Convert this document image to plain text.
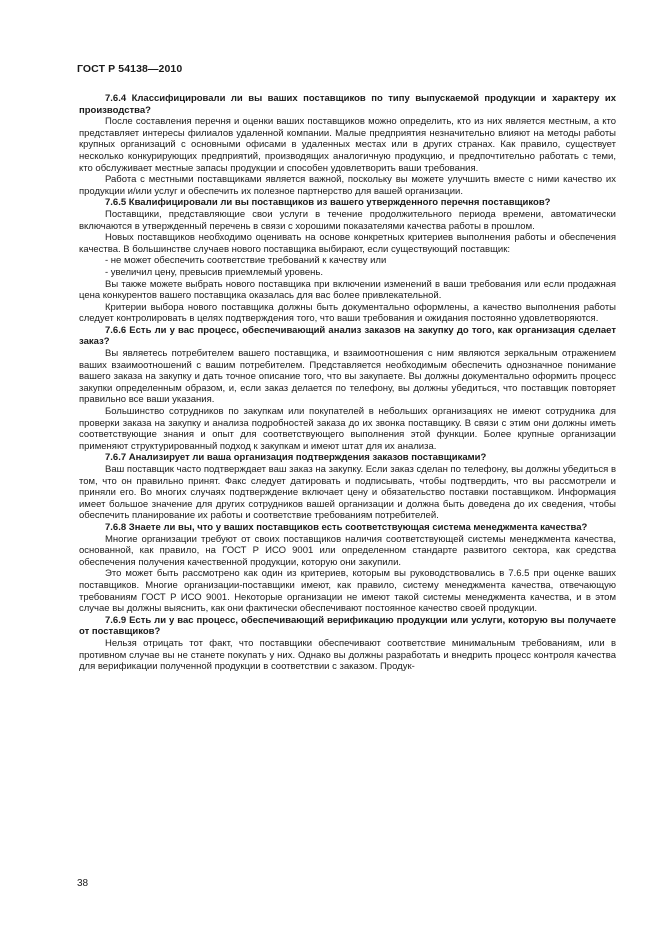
ГОСТ Р 54138—2010

7.6.4 Классифицировали ли вы ваших поставщиков по типу выпускаемой продукции и характеру их производства?

После составления перечня и оценки ваших поставщиков можно определить, кто из них является местным, а кто представляет интересы филиалов удаленной компании. Малые предприятия незначительно влияют на методы работы крупных организаций с основными офисами в удаленных местах или в других странах. Как правило, существует несколько конкурирующих предприятий, производящих аналогичную продукцию, и предпочтительно работать с теми, кто обслуживает местные запасы продукции и способен удовлетворить ваши требования.

Работа с местными поставщиками является важной, поскольку вы можете улучшить вместе с ними качество их продукции и/или услуг и обеспечить их полезное партнерство для вашей организации.

7.6.5 Квалифицировали ли вы поставщиков из вашего утвержденного перечня поставщиков?

Поставщики, представляющие свои услуги в течение продолжительного периода времени, автоматически включаются в утвержденный перечень в связи с хорошими показателями качества работы в прошлом.

Новых поставщиков необходимо оценивать на основе конкретных критериев выполнения работы и обеспечения качества. В большинстве случаев нового поставщика выбирают, если существующий поставщик:

- не может обеспечить соответствие требований к качеству или

- увеличил цену, превысив приемлемый уровень.

Вы также можете выбрать нового поставщика при включении изменений в ваши требования или если продажная цена конкурентов вашего поставщика оказалась для вас более привлекательной.

Критерии выбора нового поставщика должны быть документально оформлены, а качество выполнения работы следует контролировать в целях подтверждения того, что ваши требования и ожидания постоянно удовлетворяются.

7.6.6 Есть ли у вас процесс, обеспечивающий анализ заказов на закупку до того, как организация сделает заказ?

Вы являетесь потребителем вашего поставщика, и взаимоотношения с ним являются зеркальным отражением ваших взаимоотношений с вашим потребителем. Представляется необходимым обеспечить однозначное понимание вашего заказа на закупку и дать точное описание того, что вы закупаете. Вы должны документально оформить процесс закупки определенным образом, и, если заказ делается по телефону, вы должны убедиться, что поставщик повторяет правильно все ваши указания.

Большинство сотрудников по закупкам или покупателей в небольших организациях не имеют сотрудника для проверки заказа на закупку и анализа подробностей заказа до их звонка поставщику. В связи с этим они должны иметь соответствующие знания и опыт для соответствующего выполнения этой функции. Более крупные организации применяют структурированный подход к закупкам и имеют штат для их анализа.

7.6.7 Анализирует ли ваша организация подтверждения заказов поставщиками?

Ваш поставщик часто подтверждает ваш заказ на закупку. Если заказ сделан по телефону, вы должны убедиться в том, что он правильно принят. Факс следует датировать и подписывать, чтобы подтвердить, что вы рассмотрели и приняли его. Во многих случаях подтверждение включает цену и обязательство поставки поставщиком. Информация имеет большое значение для других сотрудников вашей организации и должна быть доведена до их сведения, чтобы обеспечить планирование их работы и соответствие требованиям потребителей.

7.6.8 Знаете ли вы, что у ваших поставщиков есть соответствующая система менеджмента качества?

Многие организации требуют от своих поставщиков наличия соответствующей системы менеджмента качества, основанной, как правило, на ГОСТ Р ИСО 9001 или определенном стандарте развитого сектора, как средства обеспечения получения качественной продукции, которую они закупили.

Это может быть рассмотрено как один из критериев, которым вы руководствовались в 7.6.5 при оценке ваших поставщиков. Многие организации-поставщики имеют, как правило, систему менеджмента качества, отвечающую требованиям ГОСТ Р ИСО 9001. Некоторые организации не имеют такой системы менеджмента качества, и в этом случае вы должны выяснить, как они фактически обеспечивают постоянное качество своей продукции.

7.6.9 Есть ли у вас процесс, обеспечивающий верификацию продукции или услуги, которую вы получаете от поставщиков?

Нельзя отрицать тот факт, что поставщики обеспечивают соответствие минимальным требованиям, или в противном случае вы не станете покупать у них. Однако вы должны разработать и внедрить процесс контроля качества для верификации полученной продукции в соответствии с заказом. Продук-

38
